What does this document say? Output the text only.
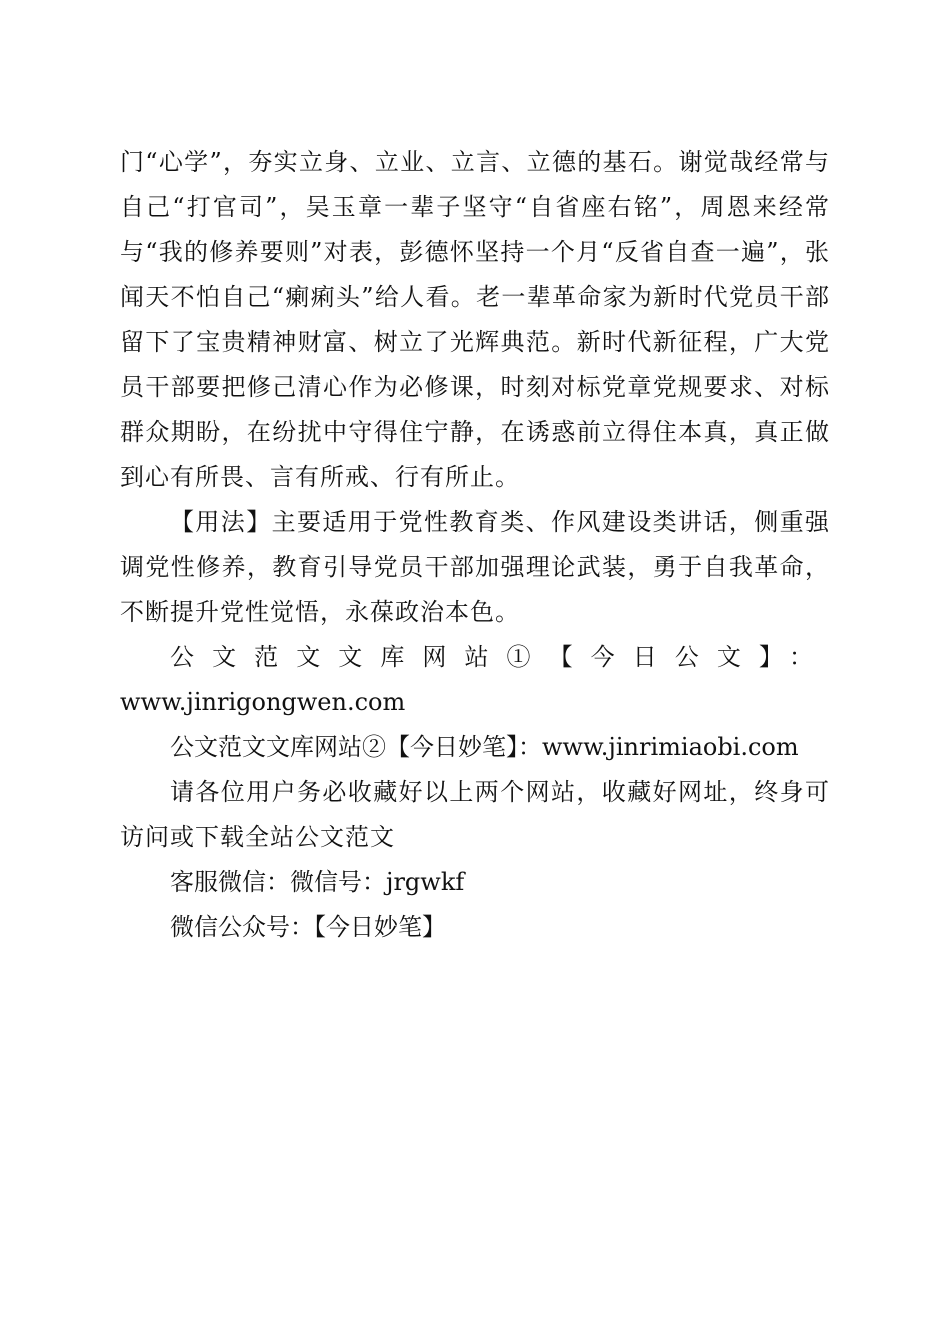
门“心学”，夯实立身、立业、立言、立德的基石。谢觉哉经常与自己“打官司”，吴玉章一辈子坚守“自省座右铭”，周恩来经常与“我的修养要则”对表，彭德怀坚持一个月“反省自查一遍”，张闻天不怕自己“瘌痢头”给人看。老一辈革命家为新时代党员干部留下了宝贵精神财富、树立了光辉典范。新时代新征程，广大党员干部要把修己清心作为必修课，时刻对标党章党规要求、对标群众期盼，在纷扰中守得住宁静，在诱惑前立得住本真，真正做到心有所畏、言有所戒、行有所止。

【用法】主要适用于党性教育类、作风建设类讲话，侧重强调党性修养，教育引导党员干部加强理论武装，勇于自我革命，不断提升党性觉悟，永葆政治本色。

公文范文文库网站①【今日公文】：

www.jinrigongwen.com

公文范文文库网站②【今日妙笔】：www.jinrimiaobi.com

请各位用户务必收藏好以上两个网站，收藏好网址，终身可访问或下载全站公文范文

客服微信：微信号：jrgwkf

微信公众号：【今日妙笔】
